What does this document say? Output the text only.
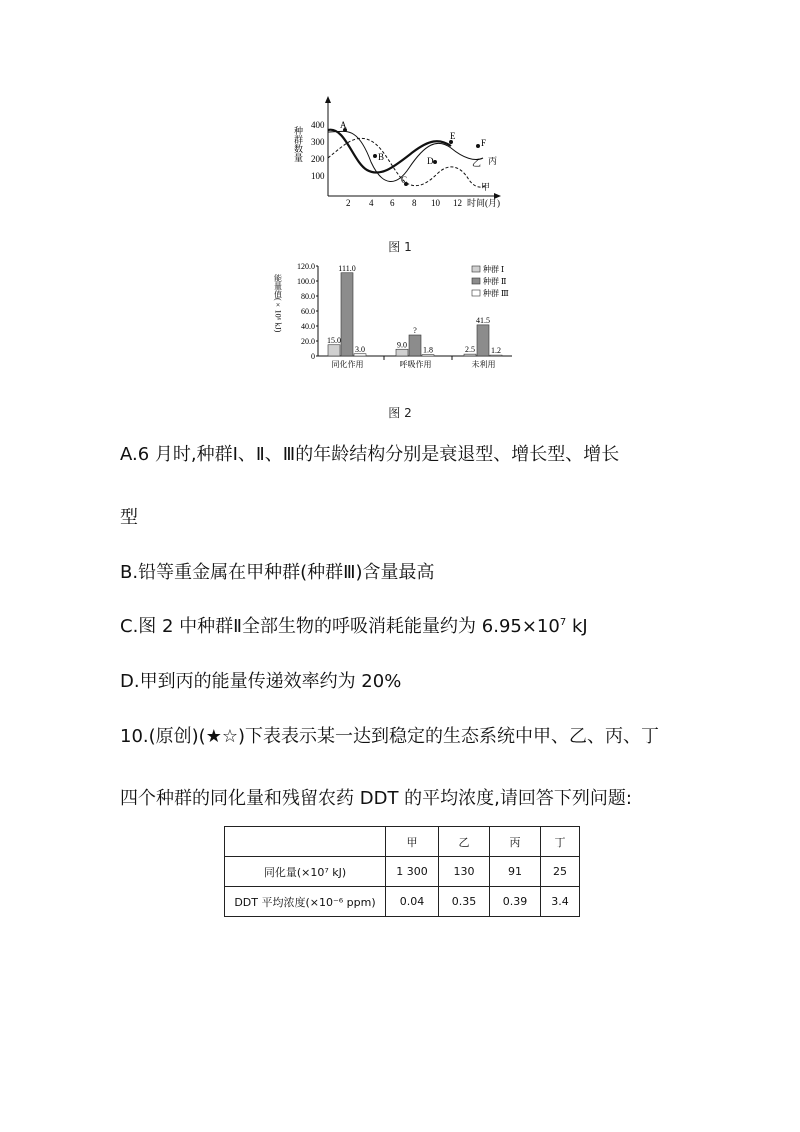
400
300
200
100
种群数量
2 4 6 8 10 12 时间(月)
A
B
C
D
E
F
丙
乙
甲
图 1
能量值(×10⁶ kJ)
120.0
100.0
80.0
60.0
40.0
20.0
0
15.0
111.0
3.0
同化作用
9.0
?
1.8
呼吸作用
2.5
41.5
1.2
未利用
种群 Ⅰ
种群 Ⅱ
种群 Ⅲ
图 2
A.6 月时,种群Ⅰ、Ⅱ、Ⅲ的年龄结构分别是衰退型、增长型、增长
型
B.铅等重金属在甲种群(种群Ⅲ)含量最高
C.图 2 中种群Ⅱ全部生物的呼吸消耗能量约为 $6.95\times 10^7$ kJ
D.甲到丙的能量传递效率约为 20%
10.(原创)(★☆)下表表示某一达到稳定的生态系统中甲、乙、丙、丁
四个种群的同化量和残留农药 DDT 的平均浓度,请回答下列问题:
	甲	乙	丙	丁
同化量(×10⁷ kJ)	1 300	130	91	25
DDT 平均浓度(×10⁻⁶ ppm)	0.04	0.35	0.39	3.4
